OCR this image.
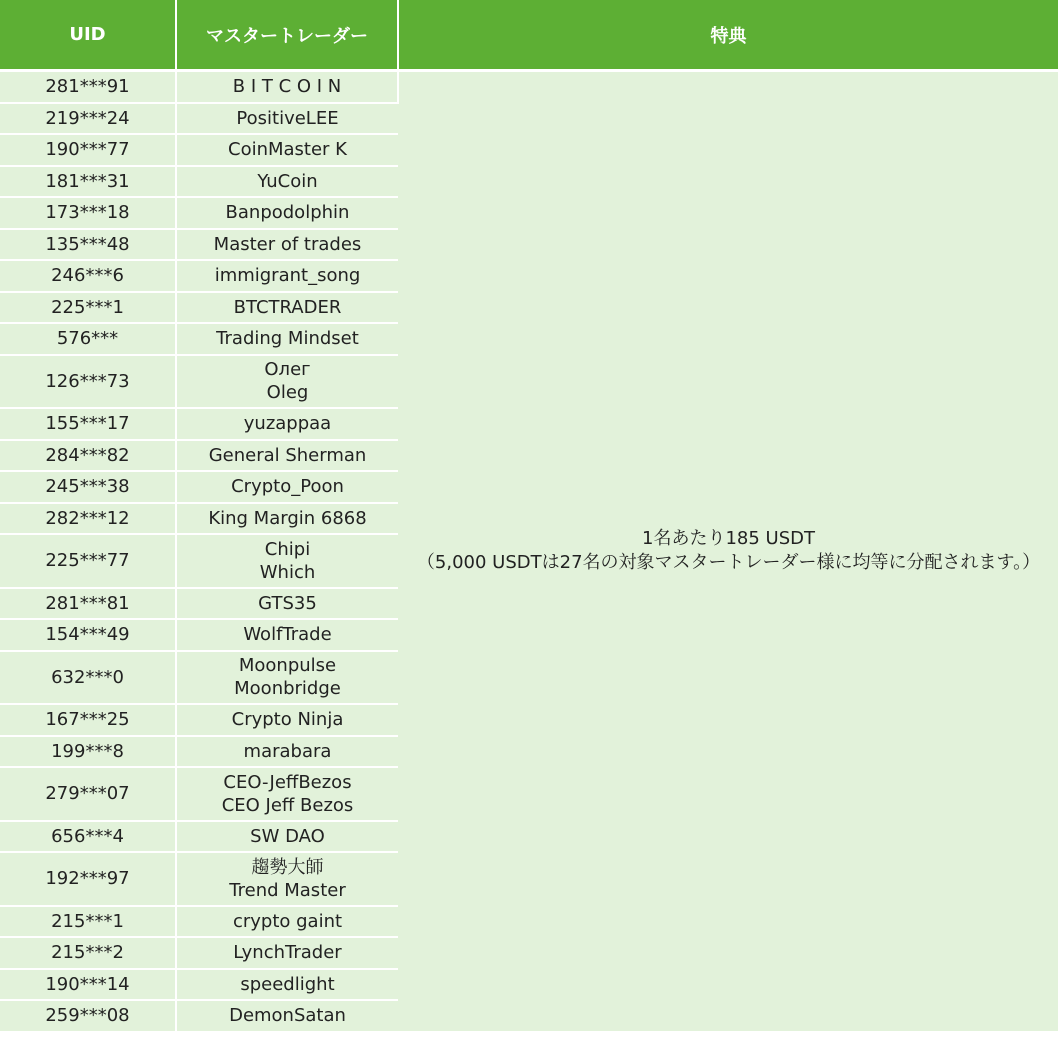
UID	マスタートレーダー	特典
281***91	B I T C O I N	1名あたり185 USDT
（5,000 USDTは27名の対象マスタートレーダー様に均等に分配されます。）

219***24	PositiveLEE	

190***77	CoinMaster K	

181***31	YuCoin	

173***18	Banpodolphin	

135***48	Master of trades	

246***6	immigrant_song	

225***1	BTCTRADER	

576***	Trading Mindset	

126***73	Олег
Oleg	

155***17	yuzappaa	

284***82	General Sherman	

245***38	Crypto_Poon	

282***12	King Margin 6868	

225***77	Chipi
Which	

281***81	GTS35	

154***49	WolfTrade	

632***0	Moonpulse
Moonbridge	

167***25	Crypto Ninja	

199***8	marabara	

279***07	CEO-JeffBezos
CEO Jeff Bezos	

656***4	SW DAO	

192***97	趨勢大師
Trend Master	

215***1	crypto gaint	

215***2	LynchTrader	

190***14	speedlight	

259***08	DemonSatan	
